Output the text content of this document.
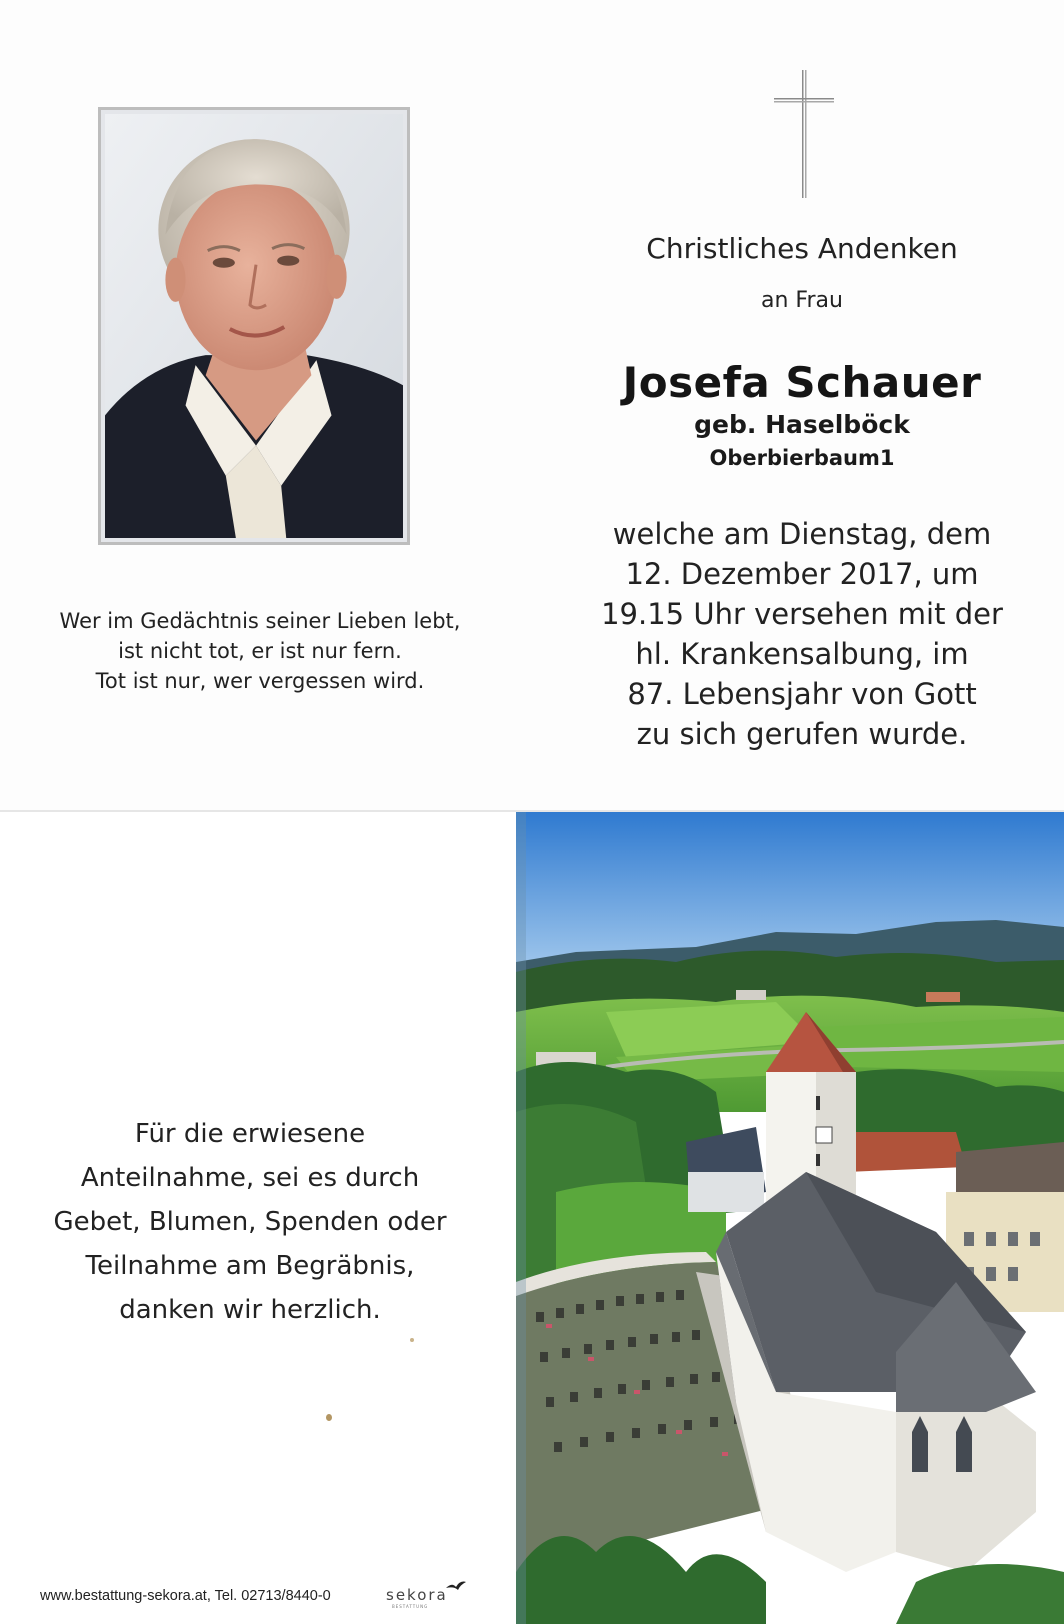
Wer im Gedächtnis seiner Lieben lebt,
ist nicht tot, er ist nur fern.
Tot ist nur, wer vergessen wird.
Christliches Andenken
an Frau
Josefa Schauer
geb. Haselböck
Oberbierbaum1
welche am Dienstag, dem
12. Dezember 2017, um
19.15 Uhr versehen mit der
hl. Krankensalbung, im
87. Lebensjahr von Gott
zu sich gerufen wurde.
Für die erwiesene
Anteilnahme, sei es durch
Gebet, Blumen, Spenden oder
Teilnahme am Begräbnis,
danken wir herzlich.
www.bestattung-sekora.at, Tel. 02713/8440-0	sekora
BESTATTUNG
